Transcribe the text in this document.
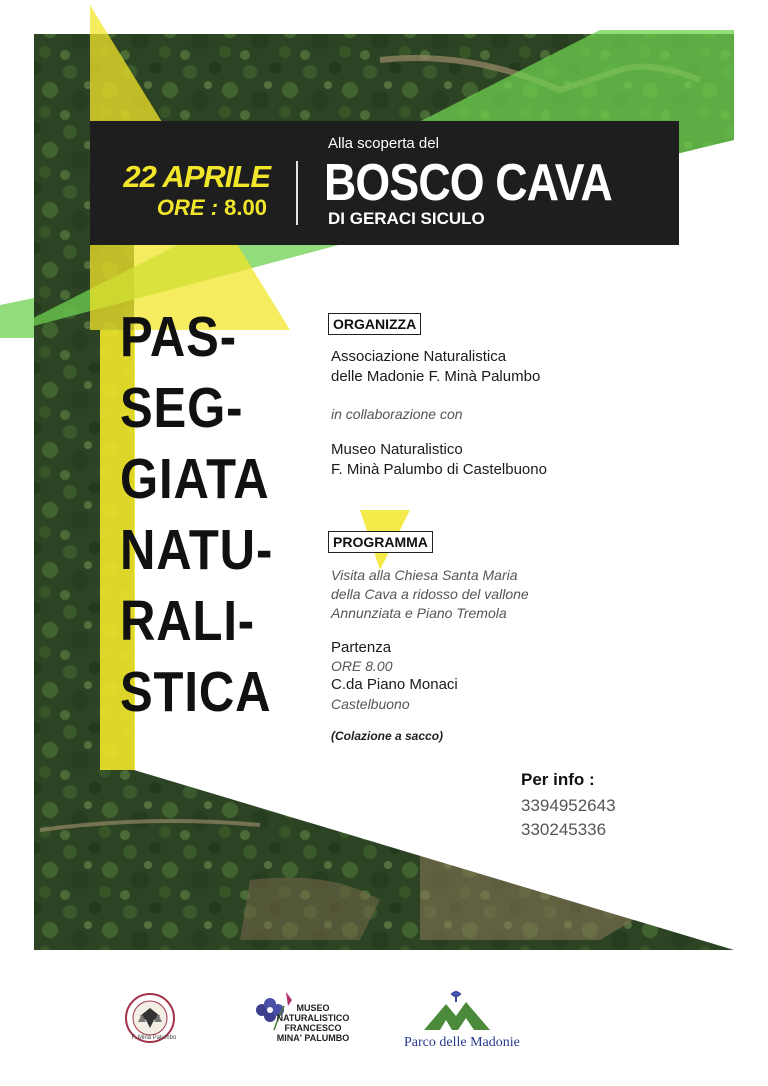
22 APRILE
ORE : 8.00
Alla scoperta del
BOSCO CAVA
DI GERACI SICULO
PAS-
SEG-
GIATA
NATU-
RALI-
STICA
ORGANIZZA
Associazione Naturalistica
delle Madonie F. Minà Palumbo
in collaborazione con
Museo Naturalistico
F. Minà Palumbo di Castelbuono
PROGRAMMA
Visita alla Chiesa Santa Maria
della Cava a ridosso del vallone
Annunziata e Piano Tremola
Partenza
ORE 8.00
C.da Piano Monaci
Castelbuono
(Colazione a sacco)
Per info :
3394952643
330245336
F. Minà Palumbo
MUSEO
NATURALISTICO
FRANCESCO
MINA' PALUMBO	Parco delle Madonie
